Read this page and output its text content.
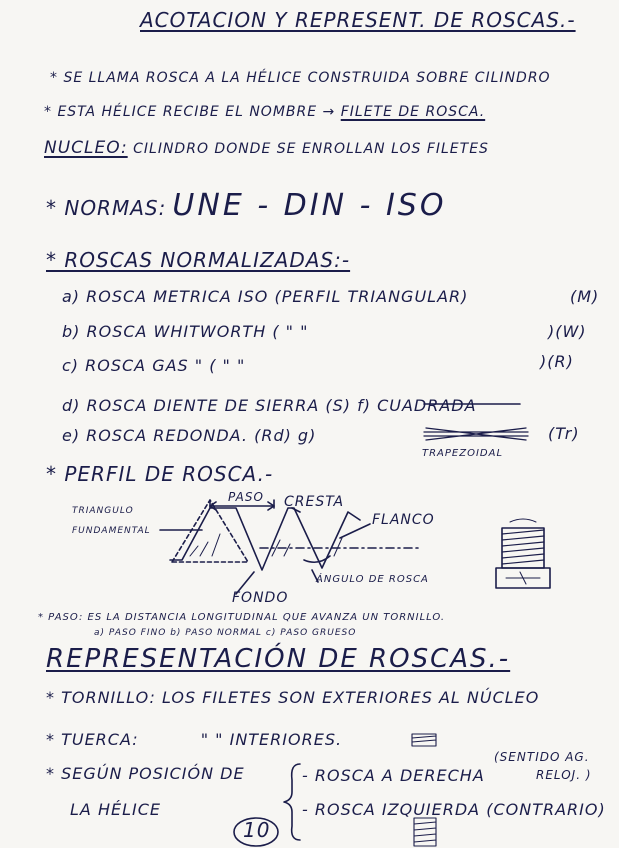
ACOTACION Y REPRESENT. DE ROSCAS.-
* SE LLAMA ROSCA A LA HÉLICE CONSTRUIDA SOBRE CILINDRO
* ESTA HÉLICE RECIBE EL NOMBRE → FILETE DE ROSCA.
NUCLEO: CILINDRO DONDE SE ENROLLAN LOS FILETES
* NORMAS: UNE - DIN - ISO
* ROSCAS NORMALIZADAS:-
a) ROSCA METRICA ISO (PERFIL TRIANGULAR)	(M)
b) ROSCA WHITWORTH ( " "	)(W)
c) ROSCA GAS " ( " "	)(R)
d) ROSCA DIENTE DE SIERRA (S) f) CUADRADA
e) ROSCA REDONDA. (Rd) g)	(Tr)
TRAPEZOIDAL
* PERFIL DE ROSCA.-
TRIANGULO
FUNDAMENTAL
PASO CRESTA
FLANCO
ÁNGULO DE ROSCA
FONDO
* PASO: ES LA DISTANCIA LONGITUDINAL QUE AVANZA UN TORNILLO.
a) PASO FINO b) PASO NORMAL c) PASO GRUESO
REPRESENTACIÓN DE ROSCAS.-
* TORNILLO: LOS FILETES SON EXTERIORES AL NÚCLEO
* TUERCA:	" " INTERIORES.
* SEGÚN POSICIÓN DE
LA HÉLICE
- ROSCA A DERECHA
(SENTIDO AG.
RELOJ. )
- ROSCA IZQUIERDA (CONTRARIO)
10
